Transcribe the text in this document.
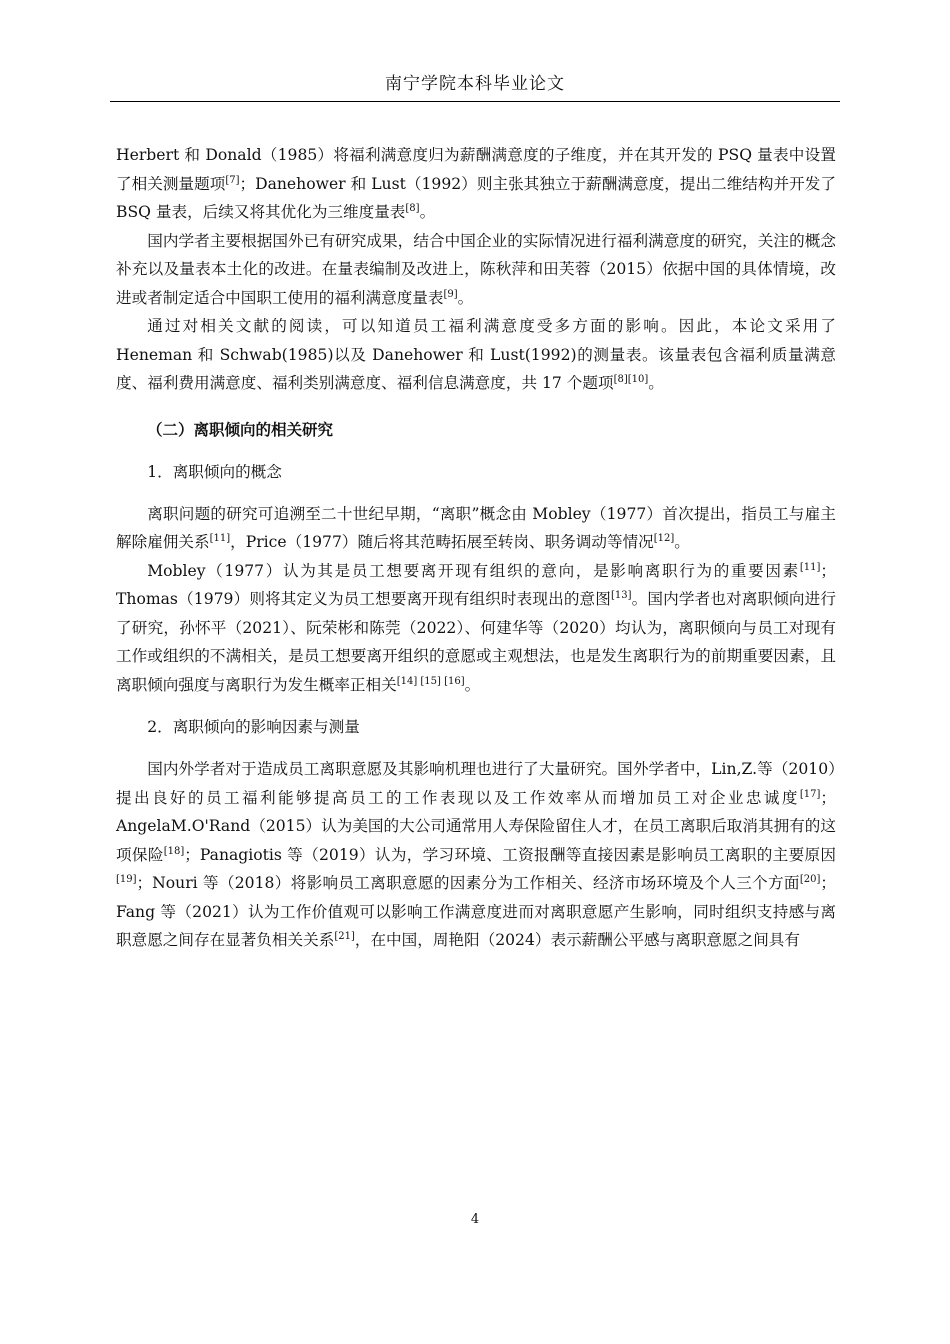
南宁学院本科毕业论文

Herbert 和 Donald（1985）将福利满意度归为薪酬满意度的子维度，并在其开发的 PSQ 量表中设置了相关测量题项[7]；Danehower 和 Lust（1992）则主张其独立于薪酬满意度，提出二维结构并开发了 BSQ 量表，后续又将其优化为三维度量表[8]。

国内学者主要根据国外已有研究成果，结合中国企业的实际情况进行福利满意度的研究，关注的概念补充以及量表本土化的改进。在量表编制及改进上，陈秋萍和田芙蓉（2015）依据中国的具体情境，改进或者制定适合中国职工使用的福利满意度量表[9]。

通过对相关文献的阅读，可以知道员工福利满意度受多方面的影响。因此，本论文采用了 Heneman 和 Schwab(1985)以及 Danehower 和 Lust(1992)的测量表。该量表包含福利质量满意度、福利费用满意度、福利类别满意度、福利信息满意度，共 17 个题项[8][10]。

（二）离职倾向的相关研究
1．离职倾向的概念

离职问题的研究可追溯至二十世纪早期，“离职”概念由 Mobley（1977）首次提出，指员工与雇主解除雇佣关系[11]，Price（1977）随后将其范畴拓展至转岗、职务调动等情况[12]。

Mobley（1977）认为其是员工想要离开现有组织的意向，是影响离职行为的重要因素[11]；Thomas（1979）则将其定义为员工想要离开现有组织时表现出的意图[13]。国内学者也对离职倾向进行了研究，孙怀平（2021）、阮荣彬和陈莞（2022）、何建华等（2020）均认为，离职倾向与员工对现有工作或组织的不满相关，是员工想要离开组织的意愿或主观想法，也是发生离职行为的前期重要因素，且离职倾向强度与离职行为发生概率正相关[14] [15] [16]。

2．离职倾向的影响因素与测量

国内外学者对于造成员工离职意愿及其影响机理也进行了大量研究。国外学者中，Lin,Z.等（2010）提出良好的员工福利能够提高员工的工作表现以及工作效率从而增加员工对企业忠诚度[17]；AngelaM.O'Rand（2015）认为美国的大公司通常用人寿保险留住人才，在员工离职后取消其拥有的这项保险[18]；Panagiotis 等（2019）认为，学习环境、工资报酬等直接因素是影响员工离职的主要原因[19]；Nouri 等（2018）将影响员工离职意愿的因素分为工作相关、经济市场环境及个人三个方面[20]；Fang 等（2021）认为工作价值观可以影响工作满意度进而对离职意愿产生影响，同时组织支持感与离职意愿之间存在显著负相关关系[21]，在中国，周艳阳（2024）表示薪酬公平感与离职意愿之间具有

4
